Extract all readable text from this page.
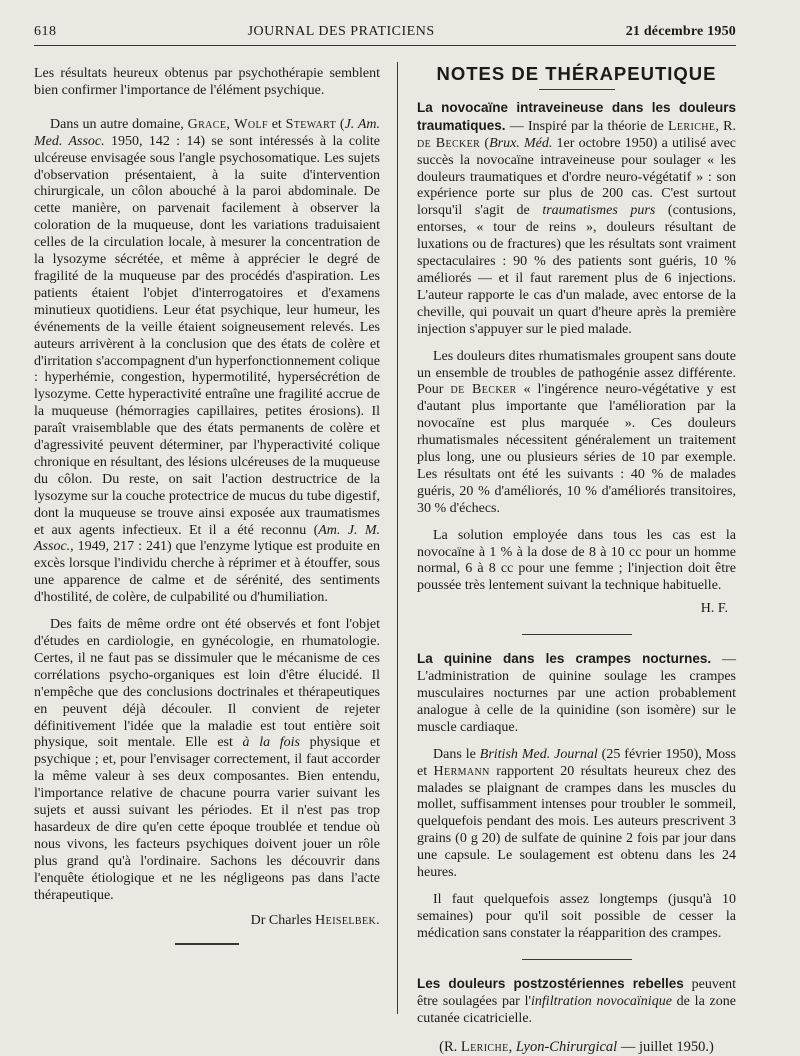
618	JOURNAL DES PRATICIENS	21 décembre 1950

Les résultats heureux obtenus par psychothérapie semblent bien confirmer l'importance de l'élément psychique.

Dans un autre domaine, Grace, Wolf et Stewart (J. Am. Med. Assoc. 1950, 142 : 14) se sont intéressés à la colite ulcéreuse envisagée sous l'angle psychosomatique. Les sujets d'observation présentaient, à la suite d'intervention chirurgicale, un côlon abouché à la paroi abdominale. De cette manière, on parvenait facilement à observer la coloration de la muqueuse, dont les variations traduisaient celles de la circulation locale, à mesurer la concentration de la lysozyme sécrétée, et même à apprécier le degré de fragilité de la muqueuse par des procédés d'aspiration. Les patients étaient l'objet d'interrogatoires et d'examens minutieux quotidiens. Leur état psychique, leur humeur, les événements de la veille étaient soigneusement relevés. Les auteurs arrivèrent à la conclusion que des états de colère et d'irritation s'accompagnent d'un hyperfonctionnement colique : hyperhémie, congestion, hypermotilité, hypersécrétion de lysozyme. Cette hyperactivité entraîne une fragilité accrue de la muqueuse (hémorragies capillaires, petites érosions). Il paraît vraisemblable que des états permanents de colère et d'agressivité peuvent déterminer, par l'hyperactivité colique chronique en résultant, des lésions ulcéreuses de la muqueuse du côlon. Du reste, on sait l'action destructrice de la lysozyme sur la couche protectrice de mucus du tube digestif, dont la muqueuse se trouve ainsi exposée aux traumatismes et aux agents infectieux. Et il a été reconnu (Am. J. M. Assoc., 1949, 217 : 241) que l'enzyme lytique est produite en excès lorsque l'individu cherche à réprimer et à étouffer, sous une apparence de calme et de sérénité, des sentiments d'hostilité, de colère, de culpabilité ou d'humiliation.

Des faits de même ordre ont été observés et font l'objet d'études en cardiologie, en gynécologie, en rhumatologie. Certes, il ne faut pas se dissimuler que le mécanisme de ces corrélations psycho-organiques est loin d'être élucidé. Il n'empêche que des conclusions doctrinales et thérapeutiques en peuvent déjà découler. Il convient de rejeter définitivement l'idée que la maladie est tout entière soit physique, soit mentale. Elle est à la fois physique et psychique ; et, pour l'envisager correctement, il faut accorder la même valeur à ses deux composantes. Bien entendu, l'importance relative de chacune pourra varier suivant les sujets et aussi suivant les périodes. Et il n'est pas trop hasardeux de dire qu'en cette époque troublée et tendue où nous vivons, les facteurs psychiques doivent jouer un rôle plus grand qu'à l'ordinaire. Sachons les découvrir dans l'enquête étiologique et ne les négligeons pas dans l'acte thérapeutique.

Dr Charles Heiselbek.
NOTES DE THÉRAPEUTIQUE

La novocaïne intraveineuse dans les douleurs traumatiques. — Inspiré par la théorie de Leriche, R. de Becker (Brux. Méd. 1er octobre 1950) a utilisé avec succès la novocaïne intraveineuse pour soulager « les douleurs traumatiques et d'ordre neuro-végétatif » : son expérience porte sur plus de 200 cas. C'est surtout lorsqu'il s'agit de traumatismes purs (contusions, entorses, « tour de reins », douleurs résultant de luxations ou de fractures) que les résultats sont vraiment spectaculaires : 90 % des patients sont guéris, 10 % améliorés — et il faut rarement plus de 6 injections. L'auteur rapporte le cas d'un malade, avec entorse de la cheville, qui pouvait un quart d'heure après la première injection s'appuyer sur le pied malade.

Les douleurs dites rhumatismales groupent sans doute un ensemble de troubles de pathogénie assez différente. Pour de Becker « l'ingérence neuro-végétative y est d'autant plus importante que l'amélioration par la novocaïne est plus marquée ». Ces douleurs rhumatismales nécessitent généralement un traitement plus long, une ou plusieurs séries de 10 par exemple. Les résultats ont été les suivants : 40 % de malades guéris, 20 % d'améliorés, 10 % d'améliorés transitoires, 30 % d'échecs.

La solution employée dans tous les cas est la novocaïne à 1 % à la dose de 8 à 10 cc pour un homme normal, 6 à 8 cc pour une femme ; l'injection doit être poussée très lentement suivant la technique habituelle.

H. F.

La quinine dans les crampes nocturnes. — L'administration de quinine soulage les crampes musculaires nocturnes par une action probablement analogue à celle de la quinidine (son isomère) sur le muscle cardiaque.

Dans le British Med. Journal (25 février 1950), Moss et Hermann rapportent 20 résultats heureux chez des malades se plaignant de crampes dans les muscles du mollet, suffisamment intenses pour troubler le sommeil, quelquefois pendant des mois. Les auteurs prescrivent 3 grains (0 g 20) de sulfate de quinine 2 fois par jour dans une capsule. Le soulagement est obtenu dans les 24 heures.

Il faut quelquefois assez longtemps (jusqu'à 10 semaines) pour qu'il soit possible de cesser la médication sans constater la réapparition des crampes.

Les douleurs postzostériennes rebelles peuvent être soulagées par l'infiltration novocaïnique de la zone cutanée cicatricielle.

(R. Leriche, Lyon-Chirurgical — juillet 1950.)
